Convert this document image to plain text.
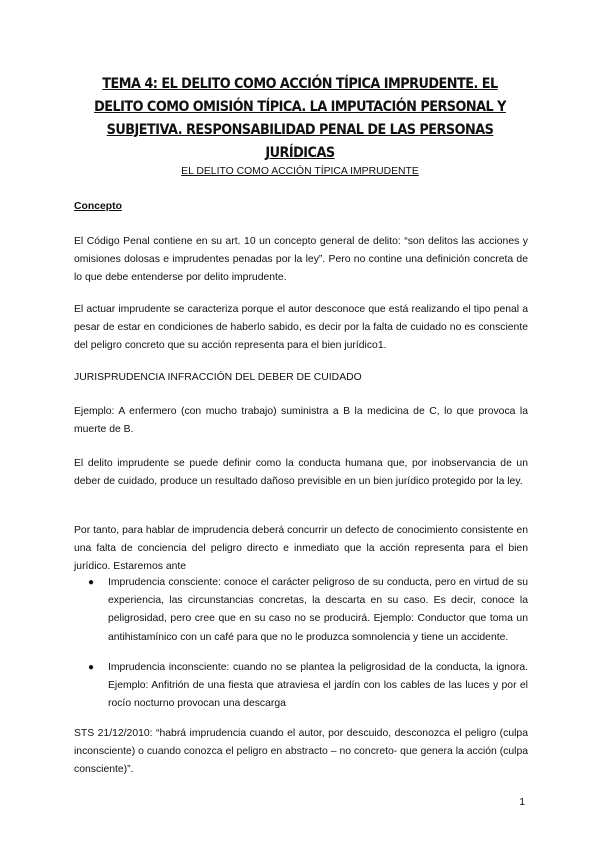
TEMA 4: EL DELITO COMO ACCIÓN TÍPICA IMPRUDENTE. EL DELITO COMO OMISIÓN TÍPICA. LA IMPUTACIÓN PERSONAL Y SUBJETIVA. RESPONSABILIDAD PENAL DE LAS PERSONAS JURÍDICAS
EL DELITO COMO ACCIÓN TÍPICA IMPRUDENTE
Concepto

El Código Penal contiene en su art. 10 un concepto general de delito: “son delitos las acciones y omisiones dolosas e imprudentes penadas por la ley”. Pero no contine una definición concreta de lo que debe entenderse por delito imprudente.

El actuar imprudente se caracteriza porque el autor desconoce que está realizando el tipo penal a pesar de estar en condiciones de haberlo sabido, es decir por la falta de cuidado no es consciente del peligro concreto que su acción representa para el bien jurídico1.

JURISPRUDENCIA INFRACCIÓN DEL DEBER DE CUIDADO

Ejemplo: A enfermero (con mucho trabajo) suministra a B la medicina de C, lo que provoca la muerte de B.

El delito imprudente se puede definir como la conducta humana que, por inobservancia de un deber de cuidado, produce un resultado dañoso previsible en un bien jurídico protegido por la ley.

Por tanto, para hablar de imprudencia deberá concurrir un defecto de conocimiento consistente en una falta de conciencia del peligro directo e inmediato que la acción representa para el bien jurídico. Estaremos ante

● Imprudencia consciente: conoce el carácter peligroso de su conducta, pero en virtud de su experiencia, las circunstancias concretas, la descarta en su caso. Es decir, conoce la peligrosidad, pero cree que en su caso no se producirá. Ejemplo: Conductor que toma un antihistamínico con un café para que no le produzca somnolencia y tiene un accidente.
● Imprudencia inconsciente: cuando no se plantea la peligrosidad de la conducta, la ignora. Ejemplo: Anfitrión de una fiesta que atraviesa el jardín con los cables de las luces y por el rocío nocturno provocan una descarga

STS 21/12/2010: “habrá imprudencia cuando el autor, por descuido, desconozca el peligro (culpa inconsciente) o cuando conozca el peligro en abstracto – no concreto- que genera la acción (culpa consciente)”.

1
